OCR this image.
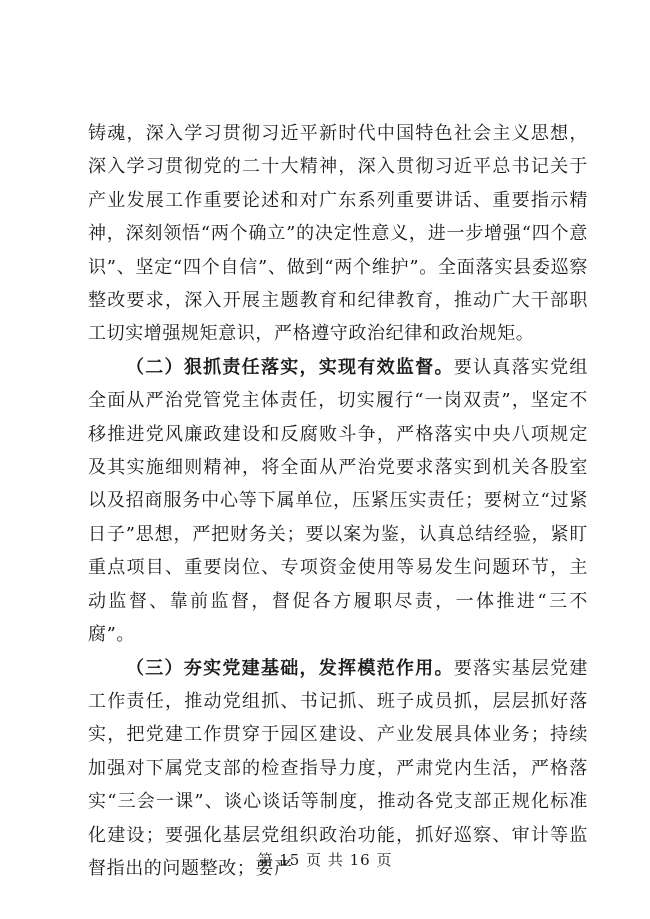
铸魂，深入学习贯彻习近平新时代中国特色社会主义思想，深入学习贯彻党的二十大精神，深入贯彻习近平总书记关于产业发展工作重要论述和对广东系列重要讲话、重要指示精神，深刻领悟“两个确立”的决定性意义，进一步增强“四个意识”、坚定“四个自信”、做到“两个维护”。全面落实县委巡察整改要求，深入开展主题教育和纪律教育，推动广大干部职工切实增强规矩意识，严格遵守政治纪律和政治规矩。

（二）狠抓责任落实，实现有效监督。要认真落实党组全面从严治党管党主体责任，切实履行“一岗双责”，坚定不移推进党风廉政建设和反腐败斗争，严格落实中央八项规定及其实施细则精神，将全面从严治党要求落实到机关各股室以及招商服务中心等下属单位，压紧压实责任；要树立“过紧日子”思想，严把财务关；要以案为鉴，认真总结经验，紧盯重点项目、重要岗位、专项资金使用等易发生问题环节，主动监督、靠前监督，督促各方履职尽责，一体推进“三不腐”。

（三）夯实党建基础，发挥模范作用。要落实基层党建工作责任，推动党组抓、书记抓、班子成员抓，层层抓好落实，把党建工作贯穿于园区建设、产业发展具体业务；持续加强对下属党支部的检查指导力度，严肃党内生活，严格落实“三会一课”、谈心谈话等制度，推动各党支部正规化标准化建设；要强化基层党组织政治功能，抓好巡察、审计等监督指出的问题整改；要严

第 15 页 共 16 页
